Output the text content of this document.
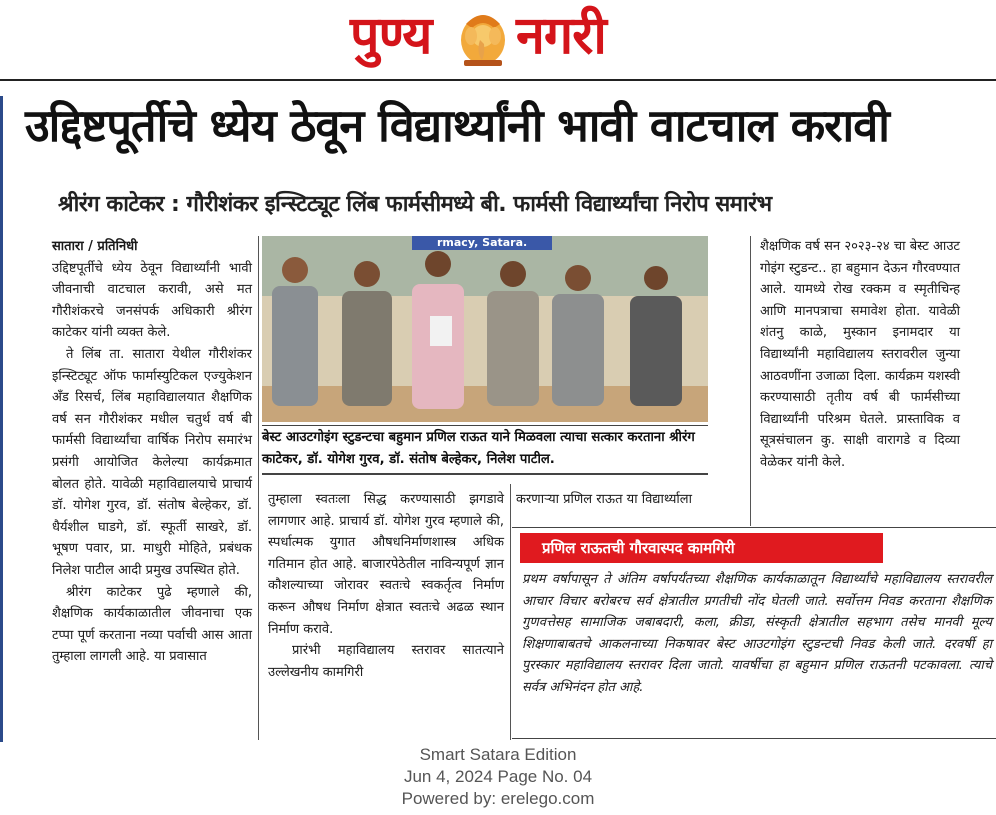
पुण्य नगरी
उद्दिष्टपूर्तीचे ध्येय ठेवून विद्यार्थ्यांनी भावी वाटचाल करावी
श्रीरंग काटेकर : गौरीशंकर इन्स्टिट्यूट लिंब फार्मसीमध्ये बी. फार्मसी विद्यार्थ्यांचा निरोप समारंभ

सातारा / प्रतिनिधी

उद्दिष्टपूर्तीचे ध्येय ठेवून विद्यार्थ्यांनी भावी जीवनाची वाटचाल करावी, असे मत गौरीशंकरचे जनसंपर्क अधिकारी श्रीरंग काटेकर यांनी व्यक्त केले.

ते लिंब ता. सातारा येथील गौरीशंकर इन्स्टिट्यूट ऑफ फार्मास्युटिकल एज्युकेशन अँड रिसर्च, लिंब महाविद्यालयात शैक्षणिक वर्ष सन गौरीशंकर मधील चतुर्थ वर्ष बी फार्मसी विद्यार्थ्यांचा वार्षिक निरोप समारंभ प्रसंगी आयोजित केलेल्या कार्यक्रमात बोलत होते. यावेळी महाविद्यालयाचे प्राचार्य डॉ. योगेश गुरव, डॉ. संतोष बेल्हेकर, डॉ. धैर्यशील घाडगे, डॉ. स्फूर्ती साखरे, डॉ. भूषण पवार, प्रा. माधुरी मोहिते, प्रबंधक निलेश पाटील आदी प्रमुख उपस्थित होते.

श्रीरंग काटेकर पुढे म्हणाले की, शैक्षणिक कार्यकाळातील जीवनाचा एक टप्पा पूर्ण करताना नव्या पर्वाची आस आता तुम्हाला लागली आहे. या प्रवासात

rmacy, Satara.
बेस्ट आउटगोइंग स्टुडन्टचा बहुमान प्रणिल राऊत याने मिळवला त्याचा सत्कार करताना श्रीरंग काटेकर, डॉ. योगेश गुरव, डॉ. संतोष बेल्हेकर, निलेश पाटील.

तुम्हाला स्वतःला सिद्ध करण्यासाठी झगडावे लागणार आहे. प्राचार्य डॉ. योगेश गुरव म्हणाले की, स्पर्धात्मक युगात औषधनिर्माणशास्त्र अधिक गतिमान होत आहे. बाजारपेठेतील नाविन्यपूर्ण ज्ञान कौशल्याच्या जोरावर स्वतःचे स्वकर्तृत्व निर्माण करून औषध निर्माण क्षेत्रात स्वतःचे अढळ स्थान निर्माण करावे.

प्रारंभी महाविद्यालय स्तरावर सातत्याने उल्लेखनीय कामगिरी

करणाऱ्या प्रणिल राऊत या विद्यार्थ्याला

शैक्षणिक वर्ष सन २०२३-२४ चा बेस्ट आउट गोइंग स्टुडन्ट.. हा बहुमान देऊन गौरवण्यात आले. यामध्ये रोख रक्कम व स्मृतीचिन्ह आणि मानपत्राचा समावेश होता. यावेळी शंतनु काळे, मुस्कान इनामदार या विद्यार्थ्यांनी महाविद्यालय स्तरावरील जुन्या आठवणींना उजाळा दिला. कार्यक्रम यशस्वी करण्यासाठी तृतीय वर्ष बी फार्मसीच्या विद्यार्थ्यांनी परिश्रम घेतले. प्रास्ताविक व सूत्रसंचालन कु. साक्षी वारागडे व दिव्या वेळेकर यांनी केले.

प्रणिल राऊतची गौरवास्पद कामगिरी
प्रथम वर्षापासून ते अंतिम वर्षापर्यंतच्या शैक्षणिक कार्यकाळातून विद्यार्थ्यांचे महाविद्यालय स्तरावरील आचार विचार बरोबरच सर्व क्षेत्रातील प्रगतीची नोंद घेतली जाते. सर्वोत्तम निवड करताना शैक्षणिक गुणवत्तेसह सामाजिक जबाबदारी, कला, क्रीडा, संस्कृती क्षेत्रातील सहभाग तसेच मानवी मूल्य शिक्षणाबाबतचे आकलनाच्या निकषावर बेस्ट आउटगोइंग स्टुडन्टची निवड केली जाते. दरवर्षी हा पुरस्कार महाविद्यालय स्तरावर दिला जातो. यावर्षीचा हा बहुमान प्रणिल राऊतनी पटकावला. त्याचे सर्वत्र अभिनंदन होत आहे.
Smart Satara Edition
Jun 4, 2024 Page No. 04
Powered by: erelego.com
